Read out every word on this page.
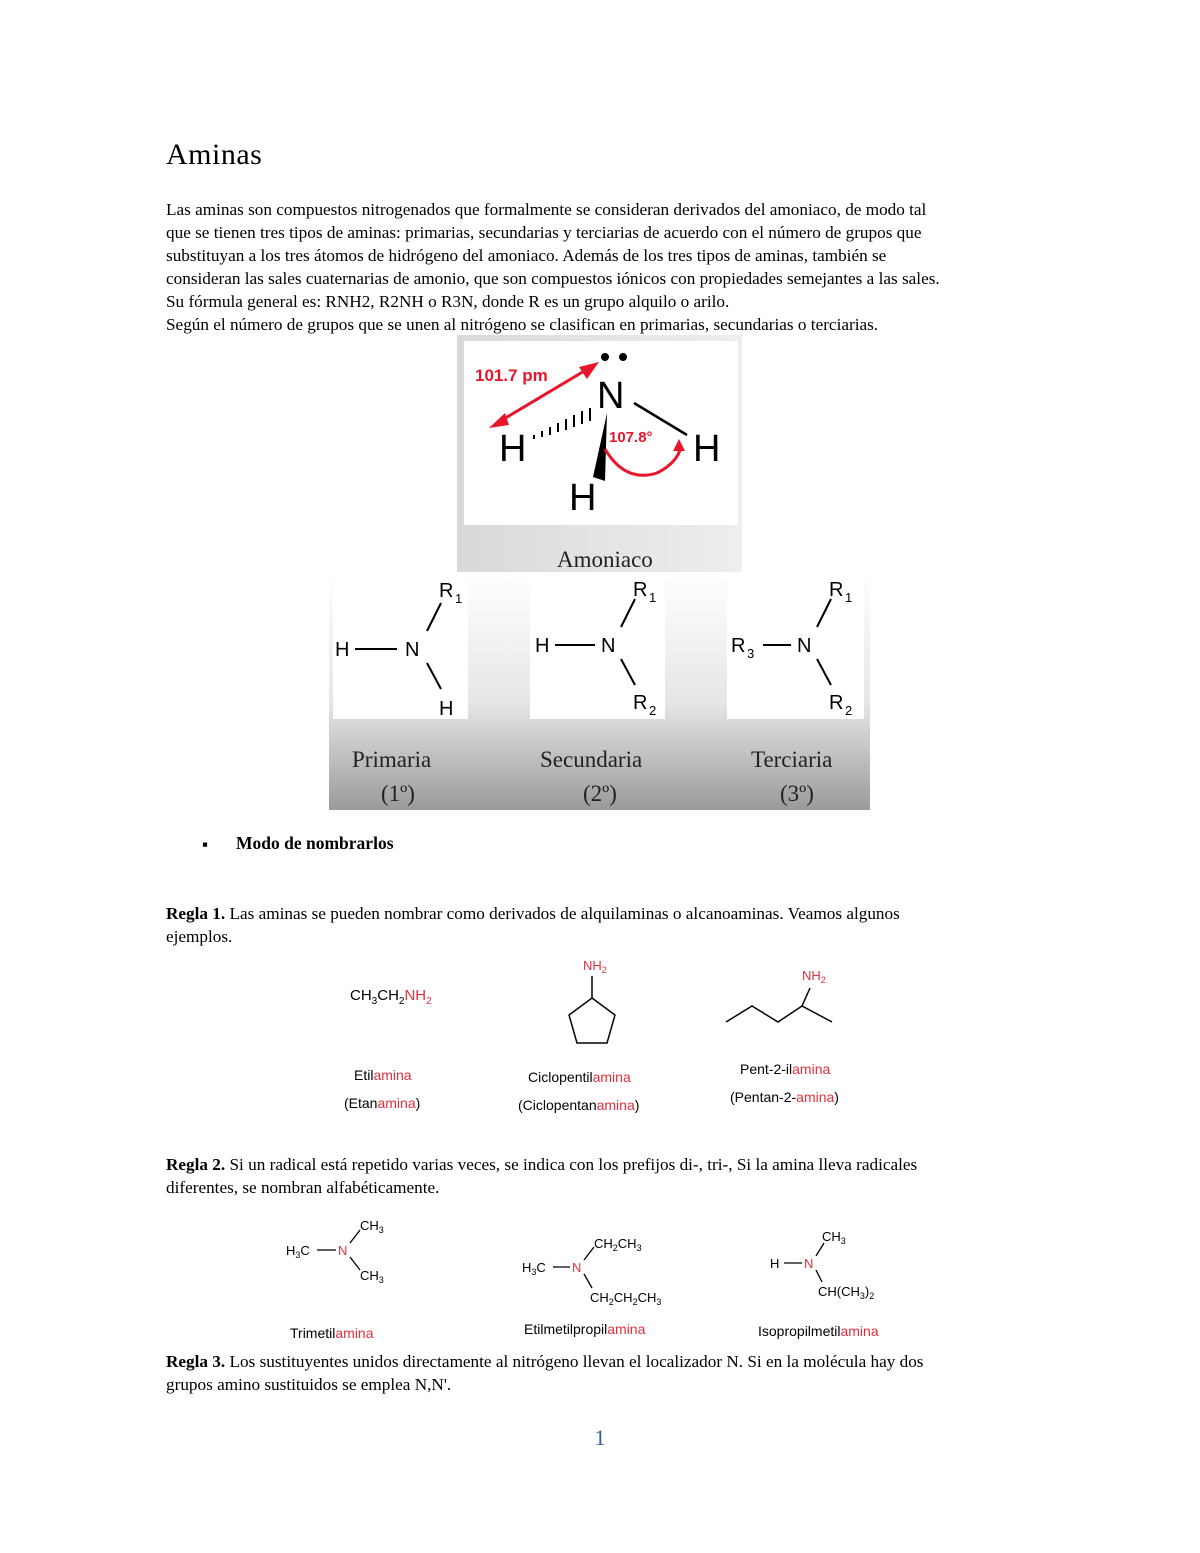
Aminas

Las aminas son compuestos nitrogenados que formalmente se consideran derivados del amoniaco, de modo tal
que se tienen tres tipos de aminas: primarias, secundarias y terciarias de acuerdo con el número de grupos que
substituyan a los tres átomos de hidrógeno del amoniaco. Además de los tres tipos de aminas, también se
consideran las sales cuaternarias de amonio, que son compuestos iónicos con propiedades semejantes a las sales.
Su fórmula general es: RNH2, R2NH o R3N, donde R es un grupo alquilo o arilo.
Según el número de grupos que se unen al nitrógeno se clasifican en primarias, secundarias o terciarias.

N
H	H
H
101.7 pm
107.8°
Amoniaco
H	N
R 1
H
H	N
R 1
R 2
R 3 N
R 1
R 2
Primaria
(1º)
Secundaria
(2º)
Terciaria
(3º)
▪ Modo de nombrarlos

Regla 1. Las aminas se pueden nombrar como derivados de alquilaminas o alcanoaminas. Veamos algunos
ejemplos.

$CH_3CH_2NH_2$
Etilamina
(Etanamina)
$NH_2$
Ciclopentilamina
(Ciclopentanamina)
$NH_2$
Pent-2-ilamina
(Pentan-2-amina)

Regla 2. Si un radical está repetido varias veces, se indica con los prefijos di-, tri-, Si la amina lleva radicales
diferentes, se nombran alfabéticamente.

$H_3C$ N
$CH_3$
$CH_3$
Trimetilamina
$H_3C$ N
$CH_2CH_3$
$CH_2CH_2CH_3$
Etilmetilpropilamina
H N
$CH_3$
$CH(CH_3)_2$
Isopropilmetilamina

Regla 3. Los sustituyentes unidos directamente al nitrógeno llevan el localizador N. Si en la molécula hay dos
grupos amino sustituidos se emplea N,N'.

1
